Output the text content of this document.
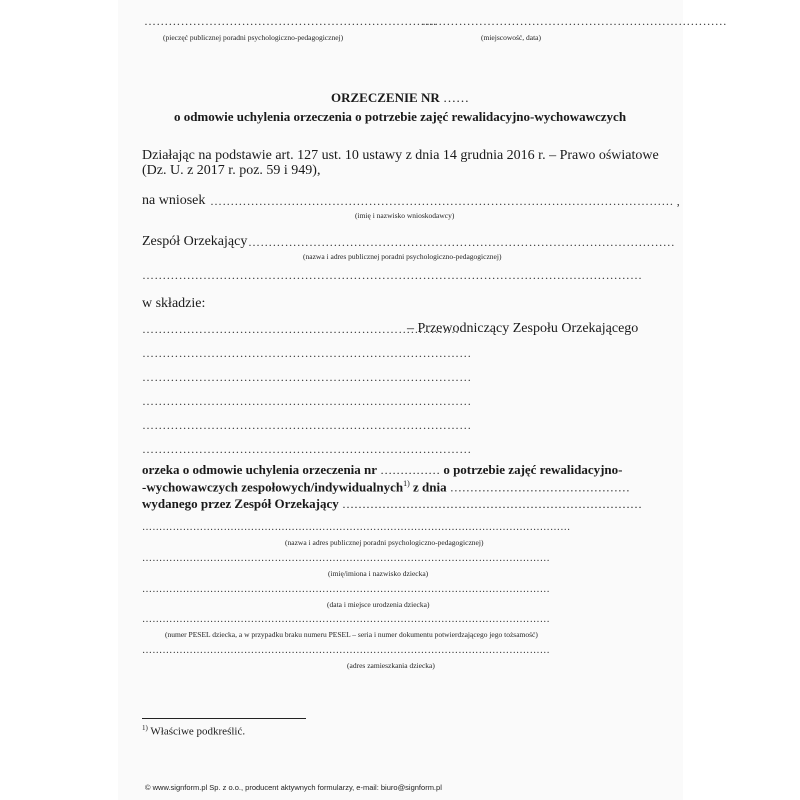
………………………………………………………………
(pieczęć publicznej poradni psychologiczno-pedagogicznej)
…………………………………………………………………
(miejscowość, data)
ORZECZENIE NR ……
o odmowie uchylenia orzeczenia o potrzebie zajęć rewalidacyjno-wychowawczych
Działając na podstawie art. 127 ust. 10 ustawy z dnia 14 grudnia 2016 r. – Prawo oświatowe
(Dz. U. z 2017 r. poz. 59 i 949),
na wniosek …………………………………………………………………………………………………… ,
(imię i nazwisko wnioskodawcy)
Zespół Orzekający ……………………………………………………………………………………………
(nazwa i adres publicznej poradni psychologiczno-pedagogicznej)
……………………………………………………………………………………………………………
w składzie:
……………………………………………………………………
– Przewodniczący Zespołu Orzekającego
………………………………………………………………………
………………………………………………………………………
………………………………………………………………………
………………………………………………………………………
………………………………………………………………………
orzeka o odmowie uchylenia orzeczenia nr …………… o potrzebie zajęć rewalidacyjno-
-wychowawczych zespołowych/indywidualnych$^{1)}$ z dnia ………………………………………
wydanego przez Zespół Orzekający …………………………………………………………………
………………………………………………………………………………………………………………
(nazwa i adres publicznej poradni psychologiczno-pedagogicznej)
…………………………………………………………………………………………………………
(imię/imiona i nazwisko dziecka)
…………………………………………………………………………………………………………
(data i miejsce urodzenia dziecka)
…………………………………………………………………………………………………………
(numer PESEL dziecka, a w przypadku braku numeru PESEL – seria i numer dokumentu potwierdzającego jego tożsamość)
…………………………………………………………………………………………………………
(adres zamieszkania dziecka)
$^{1)}$ Właściwe podkreślić.
© www.signform.pl Sp. z o.o., producent aktywnych formularzy, e-mail: biuro@signform.pl
